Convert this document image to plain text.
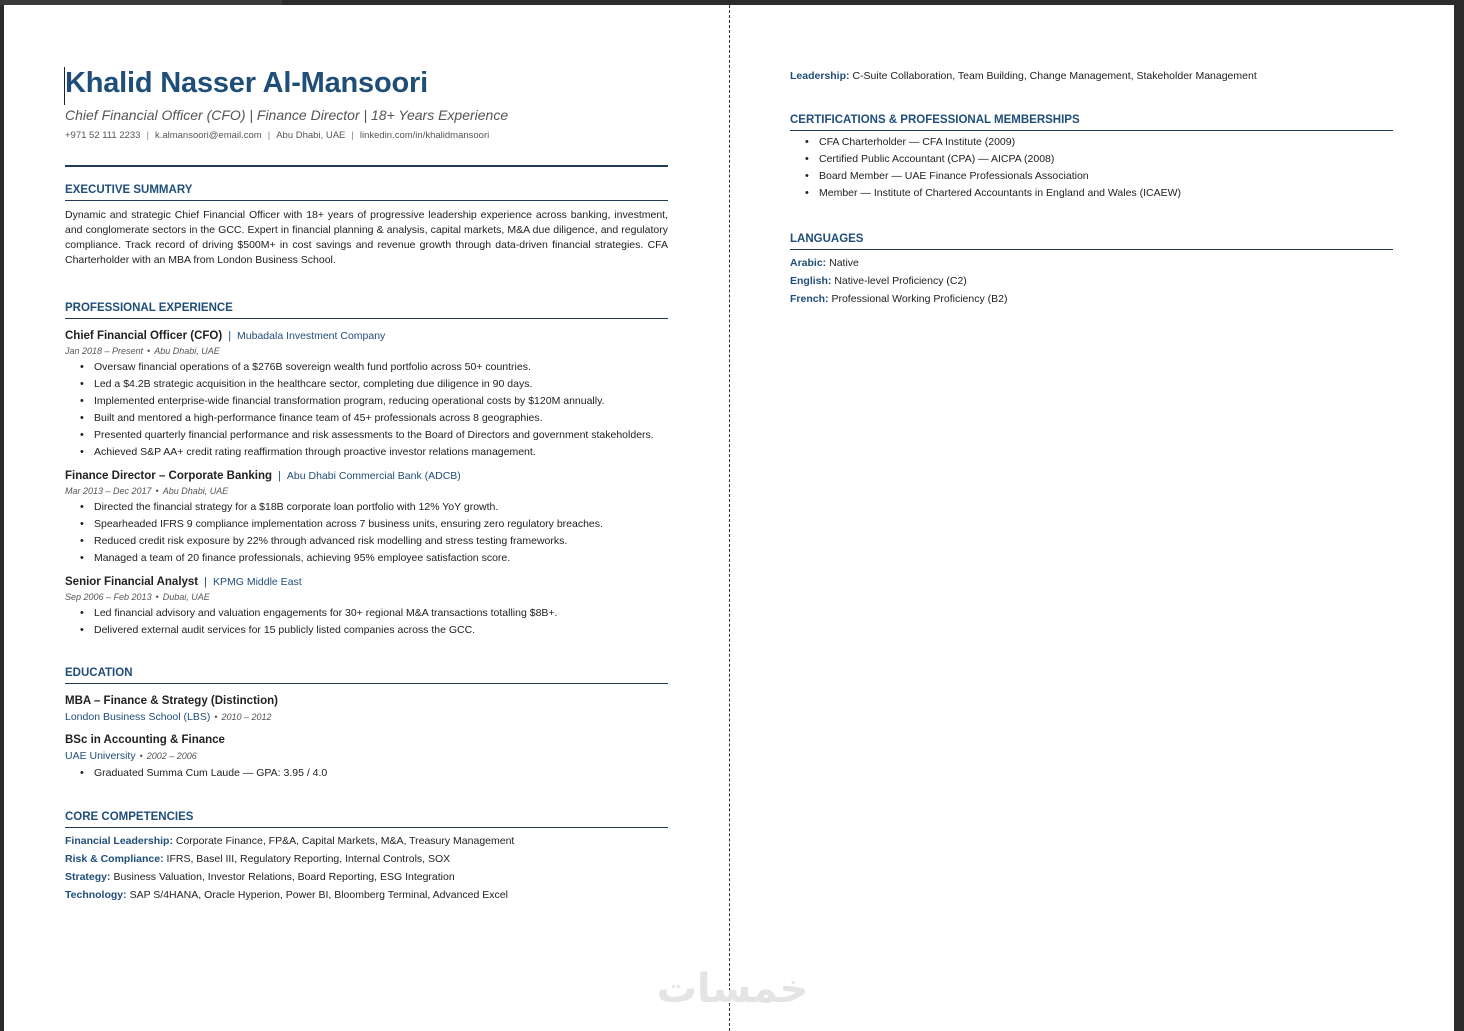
Khalid Nasser Al-Mansoori
Chief Financial Officer (CFO) | Finance Director | 18+ Years Experience
+971 52 111 2233 | k.almansoori@email.com | Abu Dhabi, UAE | linkedin.com/in/khalidmansoori
EXECUTIVE SUMMARY

Dynamic and strategic Chief Financial Officer with 18+ years of progressive leadership experience across banking, investment, and conglomerate sectors in the GCC. Expert in financial planning & analysis, capital markets, M&A due diligence, and regulatory compliance. Track record of driving $500M+ in cost savings and revenue growth through data-driven financial strategies. CFA Charterholder with an MBA from London Business School.

PROFESSIONAL EXPERIENCE
Chief Financial Officer (CFO) | Mubadala Investment Company
Jan 2018 – Present • Abu Dhabi, UAE
• Oversaw financial operations of a $276B sovereign wealth fund portfolio across 50+ countries.
• Led a $4.2B strategic acquisition in the healthcare sector, completing due diligence in 90 days.
• Implemented enterprise-wide financial transformation program, reducing operational costs by $120M annually.
• Built and mentored a high-performance finance team of 45+ professionals across 8 geographies.
• Presented quarterly financial performance and risk assessments to the Board of Directors and government stakeholders.
• Achieved S&P AA+ credit rating reaffirmation through proactive investor relations management.
Finance Director – Corporate Banking | Abu Dhabi Commercial Bank (ADCB)
Mar 2013 – Dec 2017 • Abu Dhabi, UAE
• Directed the financial strategy for a $18B corporate loan portfolio with 12% YoY growth.
• Spearheaded IFRS 9 compliance implementation across 7 business units, ensuring zero regulatory breaches.
• Reduced credit risk exposure by 22% through advanced risk modelling and stress testing frameworks.
• Managed a team of 20 finance professionals, achieving 95% employee satisfaction score.
Senior Financial Analyst | KPMG Middle East
Sep 2006 – Feb 2013 • Dubai, UAE
• Led financial advisory and valuation engagements for 30+ regional M&A transactions totalling $8B+.
• Delivered external audit services for 15 publicly listed companies across the GCC.
EDUCATION
MBA – Finance & Strategy (Distinction)
London Business School (LBS) • 2010 – 2012
BSc in Accounting & Finance
UAE University • 2002 – 2006
• Graduated Summa Cum Laude — GPA: 3.95 / 4.0
CORE COMPETENCIES
Financial Leadership: Corporate Finance, FP&A, Capital Markets, M&A, Treasury Management
Risk & Compliance: IFRS, Basel III, Regulatory Reporting, Internal Controls, SOX
Strategy: Business Valuation, Investor Relations, Board Reporting, ESG Integration
Technology: SAP S/4HANA, Oracle Hyperion, Power BI, Bloomberg Terminal, Advanced Excel
Leadership: C-Suite Collaboration, Team Building, Change Management, Stakeholder Management
CERTIFICATIONS & PROFESSIONAL MEMBERSHIPS
• CFA Charterholder — CFA Institute (2009)
• Certified Public Accountant (CPA) — AICPA (2008)
• Board Member — UAE Finance Professionals Association
• Member — Institute of Chartered Accountants in England and Wales (ICAEW)
LANGUAGES
Arabic: Native
English: Native-level Proficiency (C2)
French: Professional Working Proficiency (B2)
خمسات
